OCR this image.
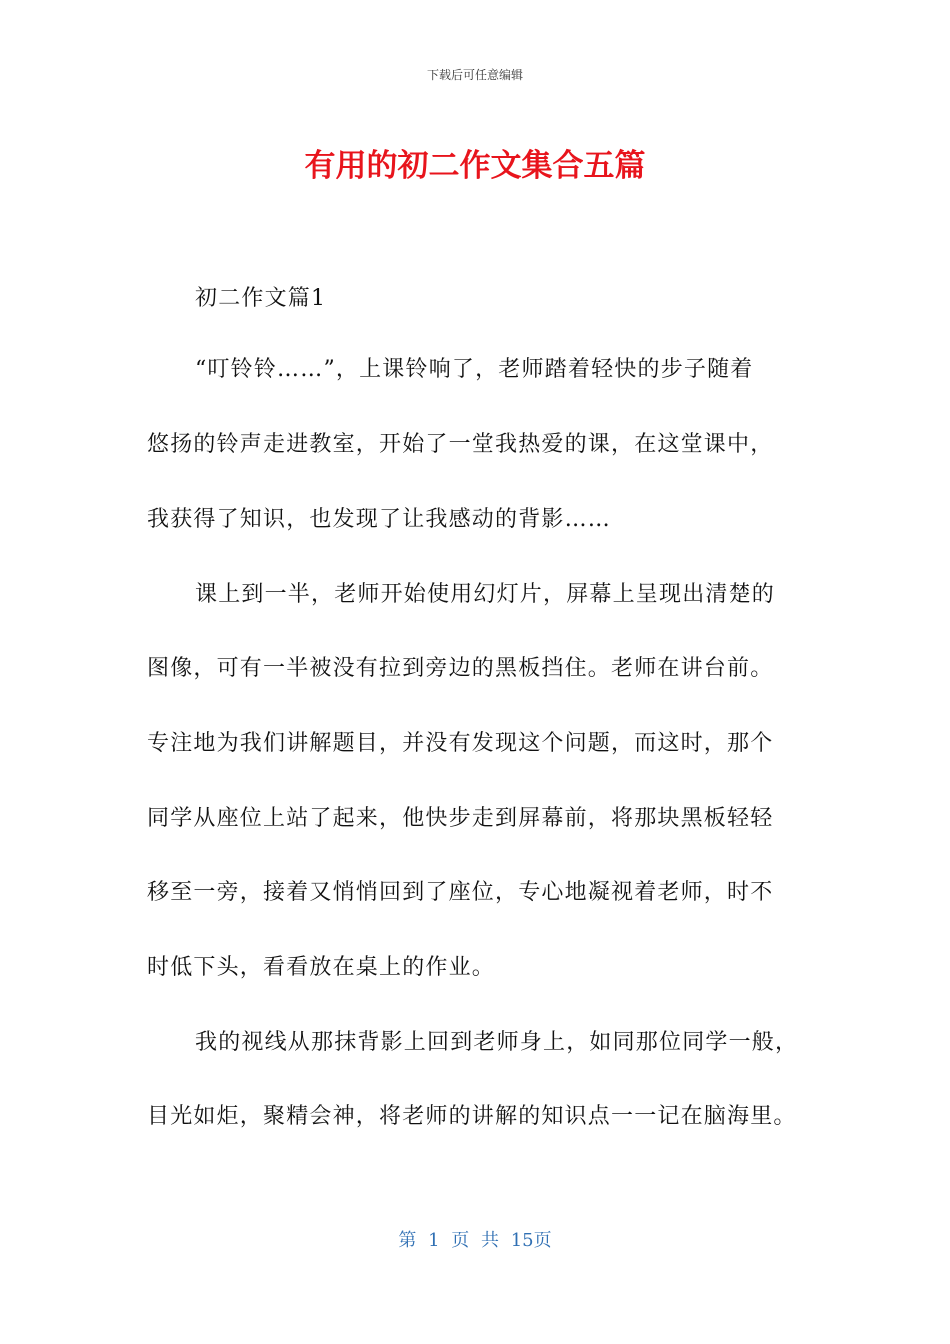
下载后可任意编辑
有用的初二作文集合五篇
初二作文篇1
“叮铃铃……”，上课铃响了，老师踏着轻快的步子随着
悠扬的铃声走进教室，开始了一堂我热爱的课，在这堂课中，
我获得了知识，也发现了让我感动的背影……
课上到一半，老师开始使用幻灯片，屏幕上呈现出清楚的
图像，可有一半被没有拉到旁边的黑板挡住。老师在讲台前。
专注地为我们讲解题目，并没有发现这个问题，而这时，那个
同学从座位上站了起来，他快步走到屏幕前，将那块黑板轻轻
移至一旁，接着又悄悄回到了座位，专心地凝视着老师，时不
时低下头，看看放在桌上的作业。
我的视线从那抹背影上回到老师身上，如同那位同学一般，
目光如炬，聚精会神，将老师的讲解的知识点一一记在脑海里。
第 1 页 共 15页
